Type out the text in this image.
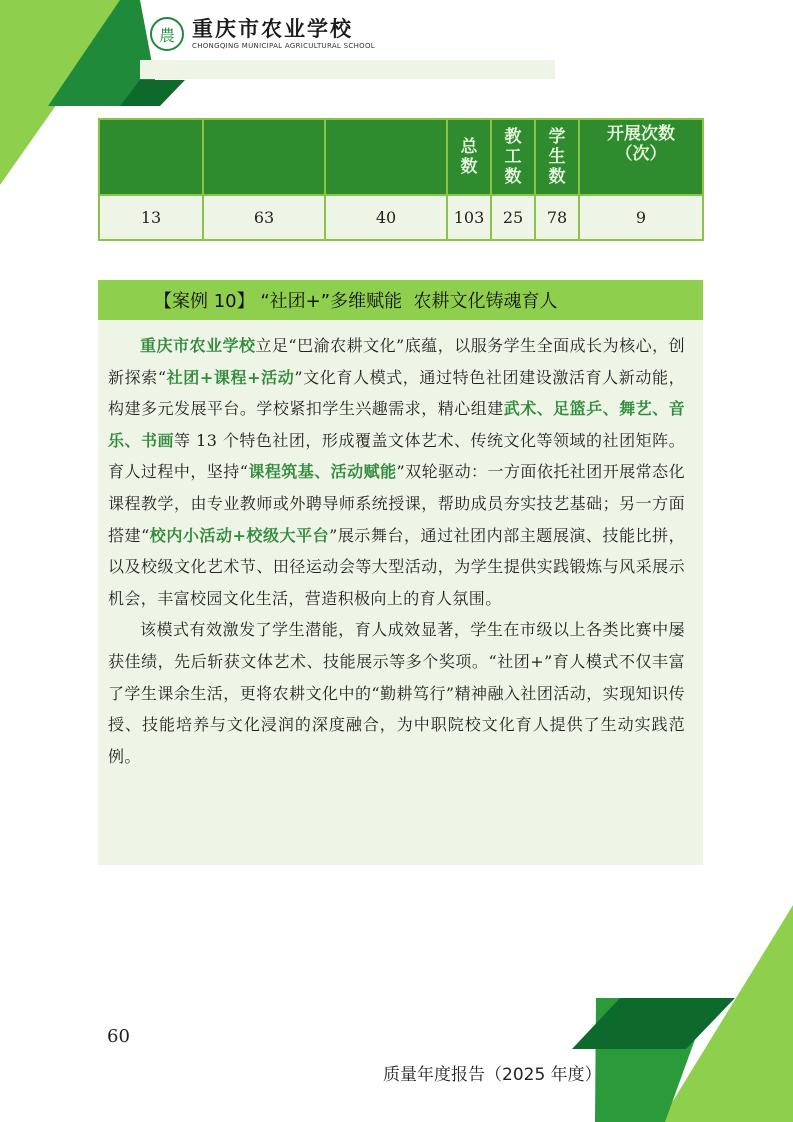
農 重庆市农业学校
CHONGQING MUNICIPAL AGRICULTURAL SCHOOL
			总数	教工数	学生数	开展次数（次）
13	63	40	103	25	78	9
【案例 10】 “社团+”多维赋能  农耕文化铸魂育人

重庆市农业学校立足“巴渝农耕文化”底蕴，以服务学生全面成长为核心，创新探索“社团+课程+活动”文化育人模式，通过特色社团建设激活育人新动能，构建多元发展平台。学校紧扣学生兴趣需求，精心组建武术、足篮乒、舞艺、音乐、书画等 13 个特色社团，形成覆盖文体艺术、传统文化等领域的社团矩阵。育人过程中，坚持“课程筑基、活动赋能”双轮驱动：一方面依托社团开展常态化课程教学，由专业教师或外聘导师系统授课，帮助成员夯实技艺基础；另一方面搭建“校内小活动+校级大平台”展示舞台，通过社团内部主题展演、技能比拼，以及校级文化艺术节、田径运动会等大型活动，为学生提供实践锻炼与风采展示机会，丰富校园文化生活，营造积极向上的育人氛围。

该模式有效激发了学生潜能，育人成效显著，学生在市级以上各类比赛中屡获佳绩，先后斩获文体艺术、技能展示等多个奖项。“社团+”育人模式不仅丰富了学生课余生活，更将农耕文化中的“勤耕笃行”精神融入社团活动，实现知识传授、技能培养与文化浸润的深度融合，为中职院校文化育人提供了生动实践范例。

60
质量年度报告（2025 年度）
